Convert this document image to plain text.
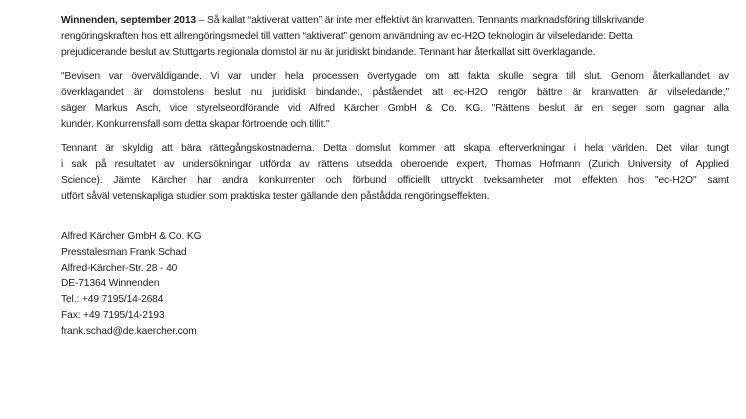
Winnenden, september 2013 – Så kallat “aktiverat vatten” är inte mer effektivt än kranvatten. Tennants marknadsföring tillskrivande
rengöringskraften hos ett allrengöringsmedel till vatten “aktiverat” genom användning av ec-H2O teknologin är vilseledande: Detta
prejudicerande beslut av Stuttgarts regionala domstol är nu är juridiskt bindande. Tennant har återkallat sitt överklagande.

"Bevisen var överväldigande. Vi var under hela processen övertygade om att fakta skulle segra till slut. Genom återkallandet av
överklagandet är domstolens beslut nu juridiskt bindande:, påståendet att ec-H2O rengör bättre är kranvatten är vilseledande,"
säger Markus Asch, vice styrelseordförande vid Alfred Kärcher GmbH & Co. KG. "Rättens beslut är en seger som gagnar alla
kunder. Konkurrensfall som detta skapar förtroende och tillit."

Tennant är skyldig att bära rättegångskostnaderna. Detta domslut kommer att skapa efterverkningar i hela världen. Det vilar tungt
i sak på resultatet av undersökningar utförda av rättens utsedda oberoende expert, Thomas Hofmann (Zurich University of Applied
Science). Jämte Kärcher har andra konkurrenter och förbund officiellt uttryckt tveksamheter mot effekten hos "ec-H2O" samt
utfört såväl vetenskapliga studier som praktiska tester gällande den påstådda rengöringseffekten.

Alfred Kärcher GmbH & Co. KG
Presstalesman Frank Schad
Alfred-Kärcher-Str. 28 - 40
DE-71364 Winnenden
Tel.: +49 7195/14-2684
Fax: +49 7195/14-2193
frank.schad@de.kaercher.com
